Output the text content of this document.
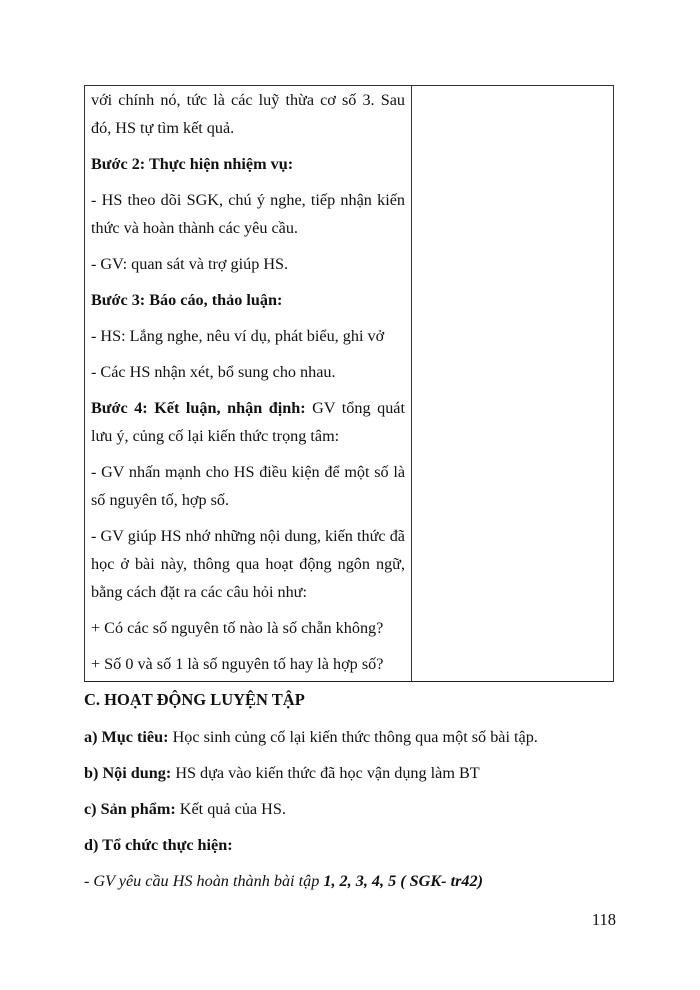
với chính nó, tức là các luỹ thừa cơ số 3. Sau đó, HS tự tìm kết quả.

Bước 2: Thực hiện nhiệm vụ:

- HS theo dõi SGK, chú ý nghe, tiếp nhận kiến thức và hoàn thành các yêu cầu.

- GV: quan sát và trợ giúp HS.

Bước 3: Báo cáo, thảo luận:

- HS: Lắng nghe, nêu ví dụ, phát biểu, ghi vở

- Các HS nhận xét, bổ sung cho nhau.

Bước 4: Kết luận, nhận định: GV tổng quát lưu ý, củng cố lại kiến thức trọng tâm:

- GV nhấn mạnh cho HS điều kiện để một số là số nguyên tố, hợp số.

- GV giúp HS nhớ những nội dung, kiến thức đã học ở bài này, thông qua hoạt động ngôn ngữ, bằng cách đặt ra các câu hỏi như:

+ Có các số nguyên tố nào là số chẵn không?

+ Số 0 và số 1 là số nguyên tố hay là hợp số?

C. HOẠT ĐỘNG LUYỆN TẬP
a) Mục tiêu: Học sinh củng cố lại kiến thức thông qua một số bài tập.
b) Nội dung: HS dựa vào kiến thức đã học vận dụng làm BT
c) Sản phẩm: Kết quả của HS.
d) Tổ chức thực hiện:
- GV yêu cầu HS hoàn thành bài tập 1, 2, 3, 4, 5 ( SGK- tr42)
118
